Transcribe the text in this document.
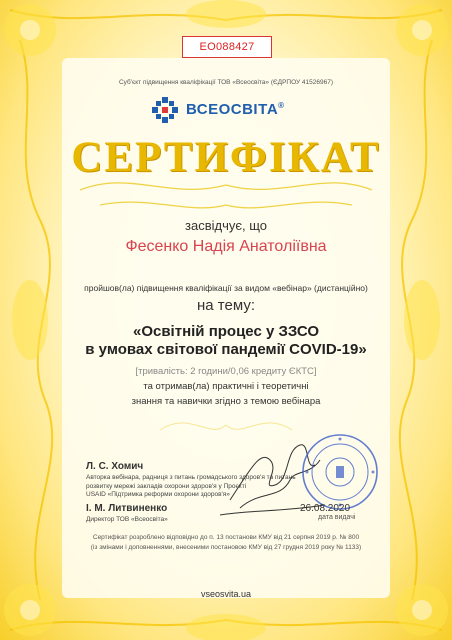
ЕО088427
Суб'єкт підвищення кваліфікації ТОВ «Всеосвіта» (ЄДРПОУ 41526967)
ВСЕОСВІТА®
СЕРТИФІКАТ
засвідчує, що
Фесенко Надія Анатоліївна
пройшов(ла) підвищення кваліфікації за видом «вебінар» (дистанційно)
на тему:
«Освітній процес у ЗЗСО
в умовах світової пандемії COVID-19»
[тривалість: 2 години/0,06 кредиту ЄКТС]
та отримав(ла) практичні і теоретичні
знання та навички згідно з темою вебінара
Л. С. Хомич
Авторка вебінара, радниця з питань громадського здоров'я та питань
розвитку мережі закладів охорони здоров'я у Проєкті
USAID «Підтримка реформи охорони здоров'я»
І. М. Литвиненко
Директор ТОВ «Всеосвіта»
26.08.2020
дата видачі
Сертифікат розроблено відповідно до п. 13 постанови КМУ від 21 серпня 2019 р. № 800
(із змінами і доповненнями, внесеними постановою КМУ від 27 грудня 2019 року № 1133)
vseosvita.ua
